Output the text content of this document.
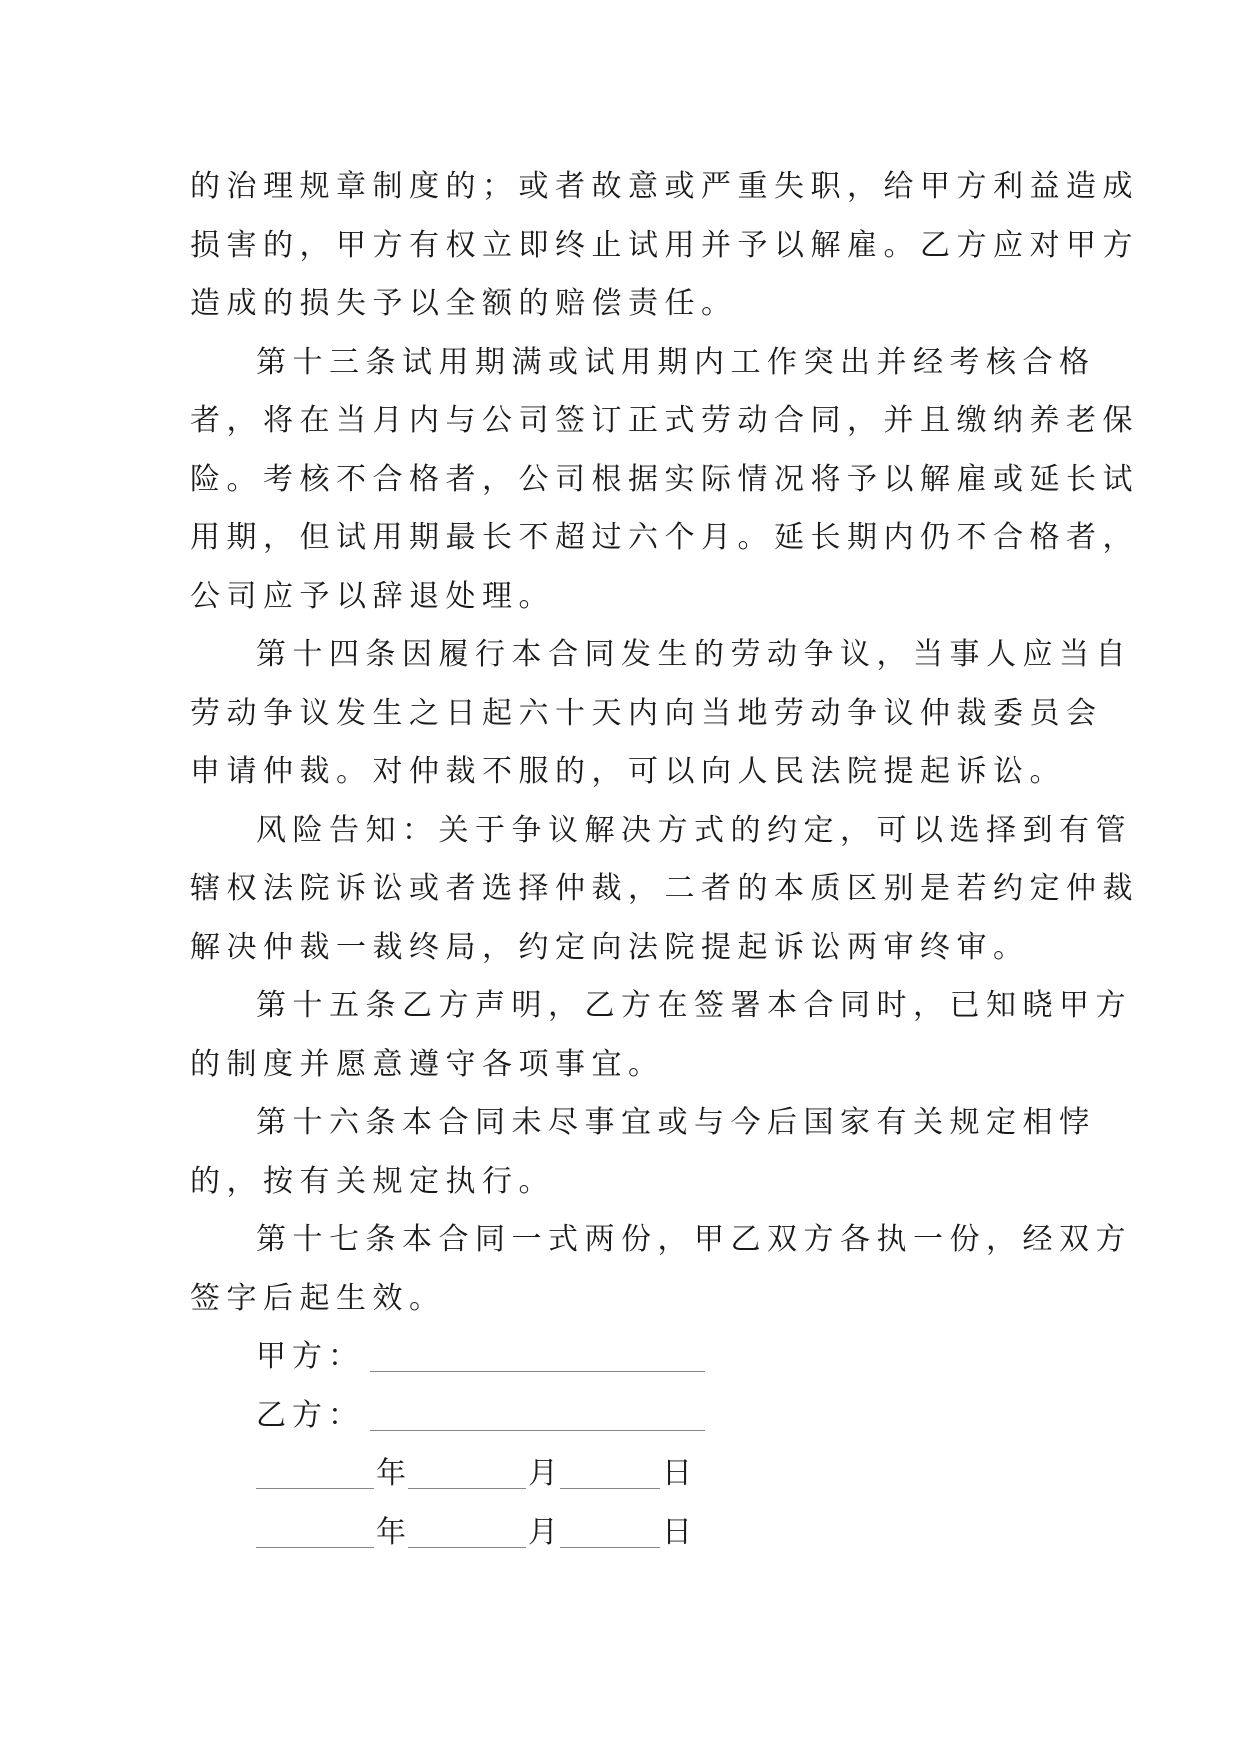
的治理规章制度的；或者故意或严重失职，给甲方利益造成
损害的，甲方有权立即终止试用并予以解雇。乙方应对甲方
造成的损失予以全额的赔偿责任。
第十三条试用期满或试用期内工作突出并经考核合格
者，将在当月内与公司签订正式劳动合同，并且缴纳养老保
险。考核不合格者，公司根据实际情况将予以解雇或延长试
用期，但试用期最长不超过六个月。延长期内仍不合格者，
公司应予以辞退处理。
第十四条因履行本合同发生的劳动争议，当事人应当自
劳动争议发生之日起六十天内向当地劳动争议仲裁委员会
申请仲裁。对仲裁不服的，可以向人民法院提起诉讼。
风险告知：关于争议解决方式的约定，可以选择到有管
辖权法院诉讼或者选择仲裁，二者的本质区别是若约定仲裁
解决仲裁一裁终局，约定向法院提起诉讼两审终审。
第十五条乙方声明，乙方在签署本合同时，已知晓甲方
的制度并愿意遵守各项事宜。
第十六条本合同未尽事宜或与今后国家有关规定相悖
的，按有关规定执行。
第十七条本合同一式两份，甲乙双方各执一份，经双方
签字后起生效。
甲方：
乙方：
年	月	日
年	月	日
